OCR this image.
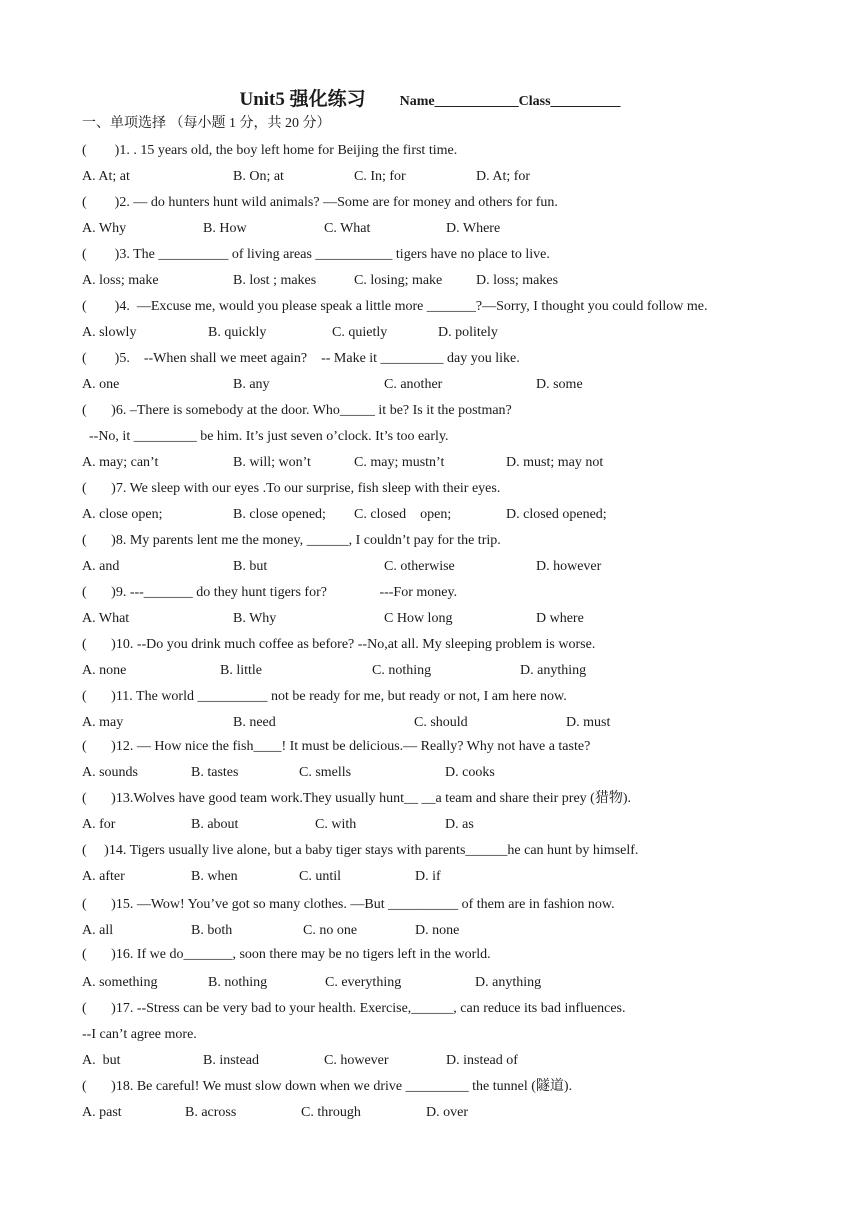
Unit5 强化练习 Name____________Class__________
一、单项选择 （每小题 1 分，共 20 分）
(        )1. . 15 years old, the boy left home for Beijing the first time.
A. At; at	B. On; at	C. In; for	D. At; for
(        )2. — do hunters hunt wild animals? —Some are for money and others for fun.
A. Why	B. How	C. What	D. Where
(        )3. The __________ of living areas ___________ tigers have no place to live.
A. loss; make	B. lost ; makes	C. losing; make D. loss; makes
(        )4.  —Excuse me, would you please speak a little more _______?—Sorry, I thought you could follow me.
A. slowly	B. quickly	C. quietly	D. politely
(        )5.    --When shall we meet again?    -- Make it _________ day you like.
A. one	B. any	C. another	D. some
(       )6. –There is somebody at the door. Who_____ it be? Is it the postman?
--No, it _________ be him. It’s just seven o’clock. It’s too early.
A. may; can’t	B. will; won’t	C. may; mustn’t	D. must; may not
(       )7. We sleep with our eyes .To our surprise, fish sleep with their eyes.
A. close open;	B. close opened; C. closed    open;	D. closed opened;
(       )8. My parents lent me the money, ______, I couldn’t pay for the trip.
A. and	B. but	C. otherwise	D. however
(       )9. ---_______ do they hunt tigers for?               ---For money.
A. What	B. Why	C How long	D where
(       )10. --Do you drink much coffee as before? --No,at all. My sleeping problem is worse.
A. none	B. little	C. nothing	D. anything
(       )11. The world __________ not be ready for me, but ready or not, I am here now.
A. may	B. need	C. should	D. must
(       )12. — How nice the fish____! It must be delicious.— Really? Why not have a taste?
A. sounds	B. tastes	C. smells	D. cooks
(       )13.Wolves have good team work.They usually hunt__ __a team and share their prey (猎物).
A. for	B. about	C. with	D. as
(     )14. Tigers usually live alone, but a baby tiger stays with parents______he can hunt by himself.
A. after	B. when	C. until	D. if
(       )15. —Wow! You’ve got so many clothes. —But __________ of them are in fashion now.
A. all	B. both	C. no one	D. none
(       )16. If we do_______, soon there may be no tigers left in the world.
A. something	B. nothing	C. everything	D. anything
(       )17. --Stress can be very bad to your health. Exercise,______, can reduce its bad influences.
--I can’t agree more.
A.  but	B. instead	C. however	D. instead of
(       )18. Be careful! We must slow down when we drive _________ the tunnel (隧道).
A. past	B. across	C. through	D. over
